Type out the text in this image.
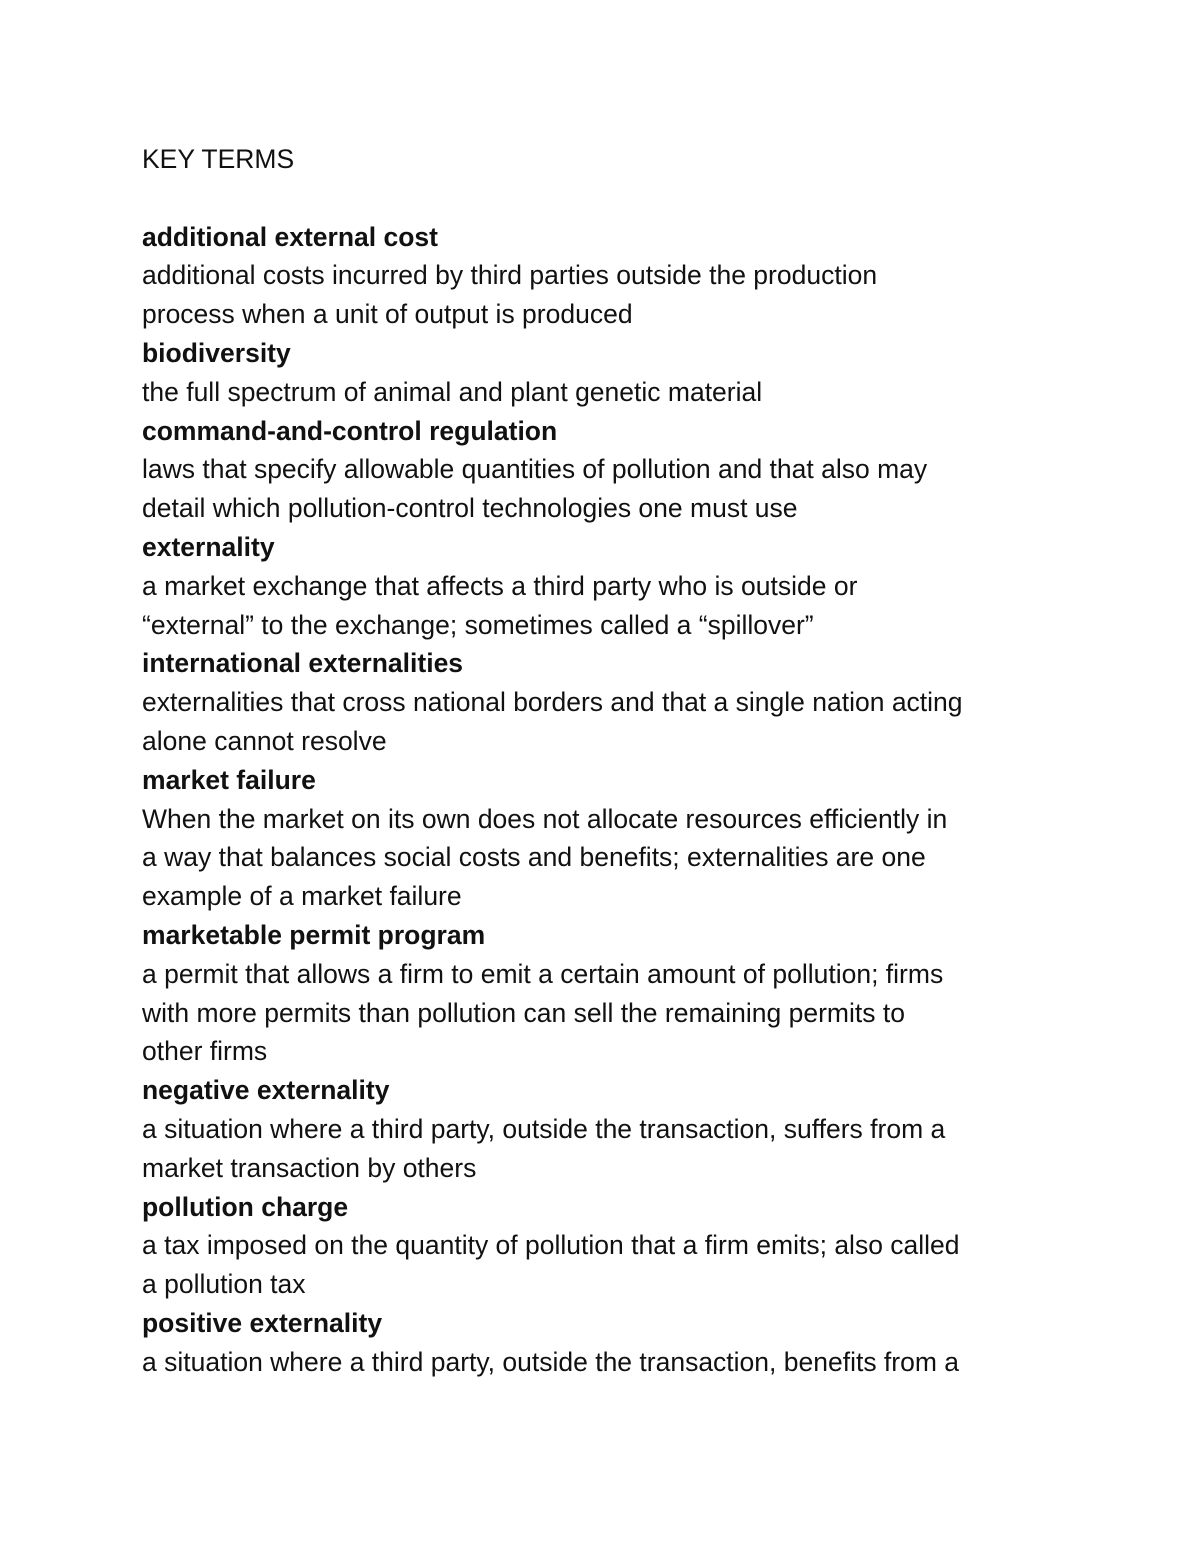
KEY TERMS
additional external cost
additional costs incurred by third parties outside the production
process when a unit of output is produced
biodiversity
the full spectrum of animal and plant genetic material
command-and-control regulation
laws that specify allowable quantities of pollution and that also may
detail which pollution-control technologies one must use
externality
a market exchange that affects a third party who is outside or
“external” to the exchange; sometimes called a “spillover”
international externalities
externalities that cross national borders and that a single nation acting
alone cannot resolve
market failure
When the market on its own does not allocate resources efficiently in
a way that balances social costs and benefits; externalities are one
example of a market failure
marketable permit program
a permit that allows a firm to emit a certain amount of pollution; firms
with more permits than pollution can sell the remaining permits to
other firms
negative externality
a situation where a third party, outside the transaction, suffers from a
market transaction by others
pollution charge
a tax imposed on the quantity of pollution that a firm emits; also called
a pollution tax
positive externality
a situation where a third party, outside the transaction, benefits from a
